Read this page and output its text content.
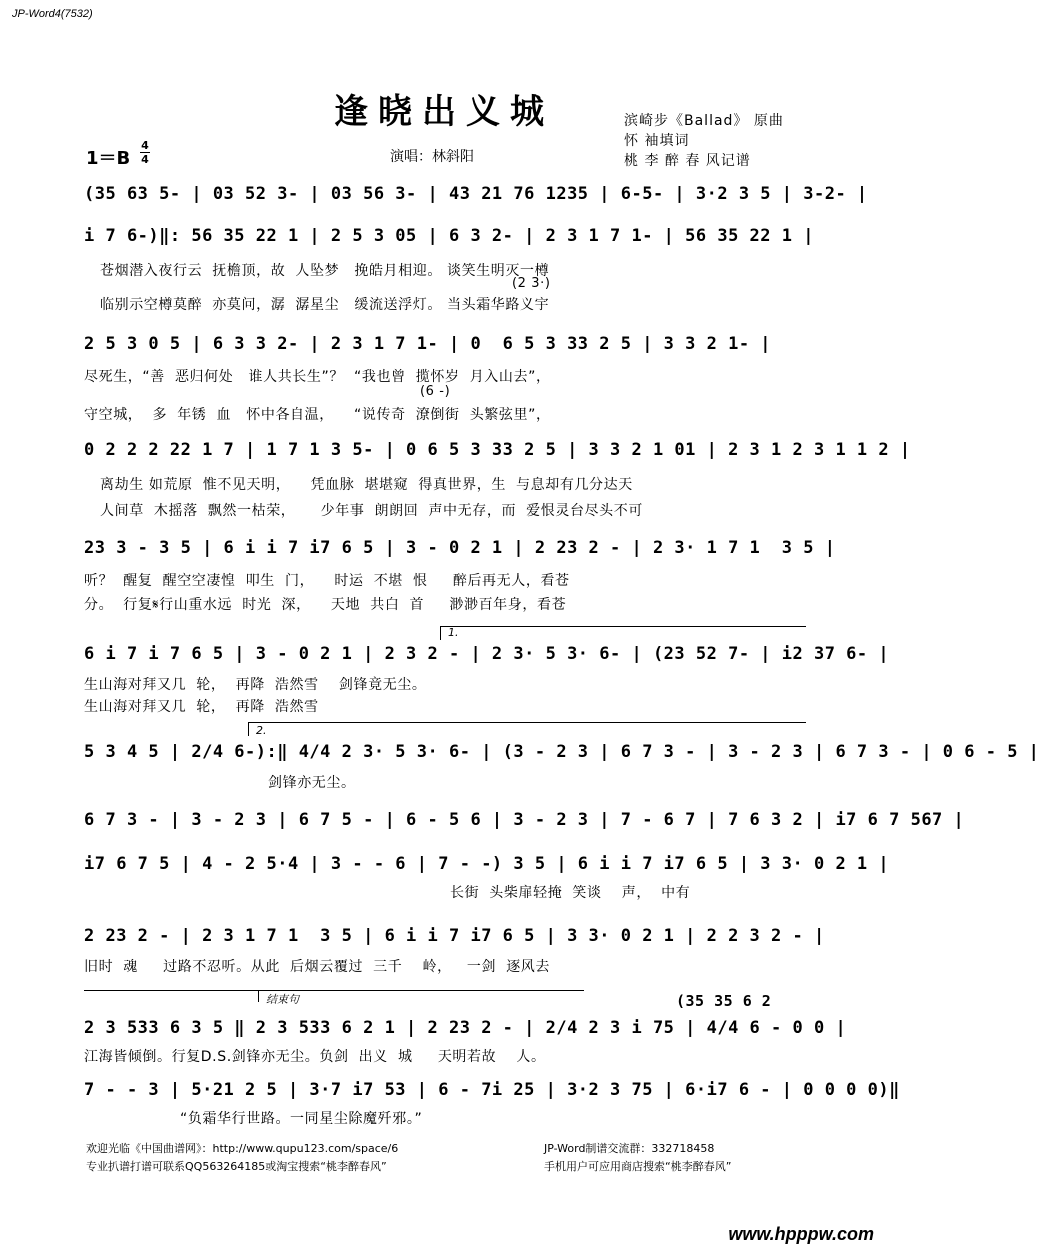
JP-Word4(7532)
逢晓出义城	滨崎步《Ballad》 原曲
怀 袖填词
桃 李 醉 春 风记谱
1＝B
4
4	演唱：林斜阳
(35 63 5- | 03 52 3- | 03 56 3- | 43 21 76 1235 | 6-5- | 3·2 3 5 | 3-2- |
i 7 6-)‖: 56 35 22 1 | 2 5 3 05 | 6 3 2- | 2 3 1 7 1- | 56 35 22 1 |
苍烟潜入夜行云  抚檐顶，故  人坠梦   挽皓月相迎。 谈笑生明灭一樽
(2 3·)
临别示空樽莫醉  亦莫问，潺  潺星尘   缓流送浮灯。 当头霜华路义宇
2 5 3 0 5 | 6 3 3 2- | 2 3 1 7 1- | 0  6 5 3 33 2 5 | 3 3 2 1- |
尽死生，“善  恶归何处   谁人共长生”？  “我也曾  揽怀岁  月入山去”，
(6 -)
守空城，  多  年锈  血   怀中各自温，    “说传奇  潦倒街  头繁弦里”，
0 2 2 2 22 1 7 | 1 7 1 3 5- | 0 6 5 3 33 2 5 | 3 3 2 1 01 | 2 3 1 2 3 1 1 2 |
离劫生 如荒原  惟不见天明，    凭血脉  堪堪窥  得真世界，生  与息却有几分达天
人间草  木摇落  飘然一枯荣，     少年事  朗朗回  声中无存，而  爱恨灵台尽头不可
23 3 - 3 5 | 6 i i 7 i7 6 5 | 3 - 0 2 1 | 2 23 2 - | 2 3· 1 7 1  3 5 |
听？  醒复  醒空空凄惶  叩生  门，    时运  不堪  恨     醉后再无人，看苍
分。  行复𝄋行山重水远  时光  深，    天地  共白  首     渺渺百年身，看苍
1.
6 i 7 i 7 6 5 | 3 - 0 2 1 | 2 3 2 - | 2 3· 5 3· 6- | (23 52 7- | i2 37 6- |
生山海对拜又几  轮，  再降  浩然雪    剑锋竟无尘。
生山海对拜又几  轮，  再降  浩然雪
2.
5 3 4 5 | 2/4 6-):‖ 4/4 2 3· 5 3· 6- | (3 - 2 3 | 6 7 3 - | 3 - 2 3 | 6 7 3 - | 0 6 - 5 |
剑锋亦无尘。
6 7 3 - | 3 - 2 3 | 6 7 5 - | 6 - 5 6 | 3 - 2 3 | 7 - 6 7 | 7 6 3 2 | i7 6 7 567 |
i7 6 7 5 | 4 - 2 5·4 | 3 - - 6 | 7 - -) 3 5 | 6 i i 7 i7 6 5 | 3 3· 0 2 1 |
长街  头柴扉轻掩  笑谈    声，  中有
2 23 2 - | 2 3 1 7 1  3 5 | 6 i i 7 i7 6 5 | 3 3· 0 2 1 | 2 2 3 2 - |
旧时  魂     过路不忍听。从此  后烟云覆过  三千    岭，   一剑  逐风去
结束句	(35 35 6 2
2 3 533 6 3 5 ‖ 2 3 533 6 2 1 | 2 23 2 - | 2/4 2 3 i 75 | 4/4 6 - 0 0 |
江海皆倾倒。行复D.S.剑锋亦无尘。负剑  出义  城     天明若故    人。
7 - - 3 | 5·21 2 5 | 3·7 i7 53 | 6 - 7i 25 | 3·2 3 75 | 6·i7 6 - | 0 0 0 0)‖
“负霜华行世路。一同星尘除魔歼邪。”
欢迎光临《中国曲谱网》：http://www.qupu123.com/space/6
专业扒谱打谱可联系QQ563264185或淘宝搜索“桃李醉春风”
JP-Word制谱交流群：332718458
手机用户可应用商店搜索“桃李醉春风”
www.hpppw.com
